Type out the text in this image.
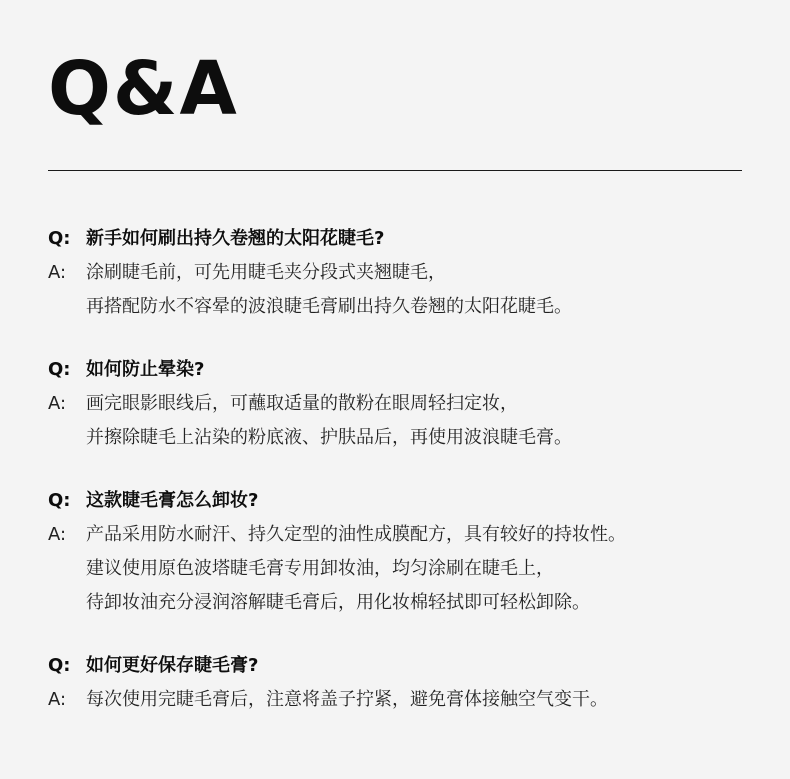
Q&A
Q: 新手如何刷出持久卷翘的太阳花睫毛?
A: 涂刷睫毛前，可先用睫毛夹分段式夹翘睫毛，
再搭配防水不容晕的波浪睫毛膏刷出持久卷翘的太阳花睫毛。
Q: 如何防止晕染?
A: 画完眼影眼线后，可蘸取适量的散粉在眼周轻扫定妆，
并擦除睫毛上沾染的粉底液、护肤品后，再使用波浪睫毛膏。
Q: 这款睫毛膏怎么卸妆?
A: 产品采用防水耐汗、持久定型的油性成膜配方，具有较好的持妆性。
建议使用原色波塔睫毛膏专用卸妆油，均匀涂刷在睫毛上，
待卸妆油充分浸润溶解睫毛膏后，用化妆棉轻拭即可轻松卸除。
Q: 如何更好保存睫毛膏?
A: 每次使用完睫毛膏后，注意将盖子拧紧，避免膏体接触空气变干。
